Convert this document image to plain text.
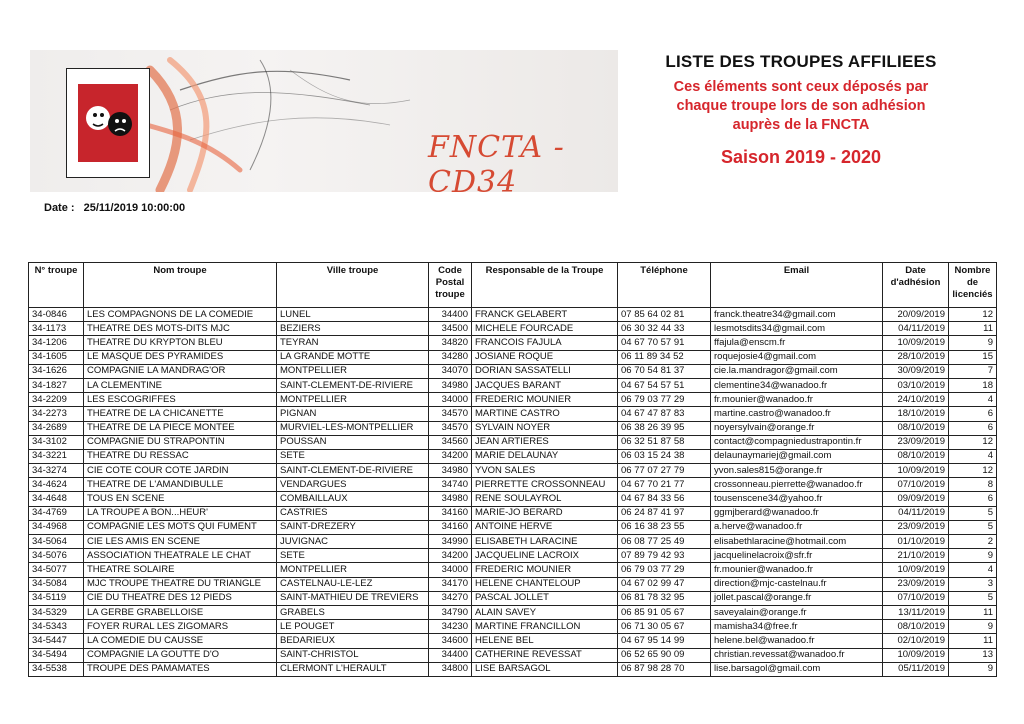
FNCTA - CD34
LISTE DES TROUPES AFFILIEES
Ces éléments sont ceux déposés par
chaque troupe lors de son adhésion
auprès de la FNCTA
Saison 2019 - 2020
Date : 25/11/2019 10:00:00
N° troupe	Nom troupe	Ville troupe	Code Postal troupe	Responsable de la Troupe	Téléphone	Email	Date d'adhésion	Nombre de licenciés
34-0846	LES COMPAGNONS DE LA COMEDIE	LUNEL	34400	FRANCK GELABERT	07 85 64 02 81	franck.theatre34@gmail.com	20/09/2019	12
34-1173	THEATRE DES MOTS-DITS MJC	BEZIERS	34500	MICHELE FOURCADE	06 30 32 44 33	lesmotsdits34@gmail.com	04/11/2019	11
34-1206	THEATRE DU KRYPTON BLEU	TEYRAN	34820	FRANCOIS FAJULA	04 67 70 57 91	ffajula@enscm.fr	10/09/2019	9
34-1605	LE MASQUE DES PYRAMIDES	LA GRANDE MOTTE	34280	JOSIANE ROQUE	06 11 89 34 52	roquejosie4@gmail.com	28/10/2019	15
34-1626	COMPAGNIE LA MANDRAG'OR	MONTPELLIER	34070	DORIAN SASSATELLI	06 70 54 81 37	cie.la.mandragor@gmail.com	30/09/2019	7
34-1827	LA CLEMENTINE	SAINT-CLEMENT-DE-RIVIERE	34980	JACQUES BARANT	04 67 54 57 51	clementine34@wanadoo.fr	03/10/2019	18
34-2209	LES ESCOGRIFFES	MONTPELLIER	34000	FREDERIC MOUNIER	06 79 03 77 29	fr.mounier@wanadoo.fr	24/10/2019	4
34-2273	THEATRE DE LA CHICANETTE	PIGNAN	34570	MARTINE CASTRO	04 67 47 87 83	martine.castro@wanadoo.fr	18/10/2019	6
34-2689	THEATRE DE LA PIECE MONTEE	MURVIEL-LES-MONTPELLIER	34570	SYLVAIN NOYER	06 38 26 39 95	noyersylvain@orange.fr	08/10/2019	6
34-3102	COMPAGNIE DU STRAPONTIN	POUSSAN	34560	JEAN ARTIERES	06 32 51 87 58	contact@compagniedustrapontin.fr	23/09/2019	12
34-3221	THEATRE DU RESSAC	SETE	34200	MARIE DELAUNAY	06 03 15 24 38	delaunaymariej@gmail.com	08/10/2019	4
34-3274	CIE COTE COUR COTE JARDIN	SAINT-CLEMENT-DE-RIVIERE	34980	YVON SALES	06 77 07 27 79	yvon.sales815@orange.fr	10/09/2019	12
34-4624	THEATRE DE L'AMANDIBULLE	VENDARGUES	34740	PIERRETTE CROSSONNEAU	04 67 70 21 77	crossonneau.pierrette@wanadoo.fr	07/10/2019	8
34-4648	TOUS EN SCENE	COMBAILLAUX	34980	RENE SOULAYROL	04 67 84 33 56	tousenscene34@yahoo.fr	09/09/2019	6
34-4769	LA TROUPE A BON...HEUR'	CASTRIES	34160	MARIE-JO BERARD	06 24 87 41 97	ggmjberard@wanadoo.fr	04/11/2019	5
34-4968	COMPAGNIE LES MOTS QUI FUMENT	SAINT-DREZERY	34160	ANTOINE HERVE	06 16 38 23 55	a.herve@wanadoo.fr	23/09/2019	5
34-5064	CIE LES AMIS EN SCENE	JUVIGNAC	34990	ELISABETH LARACINE	06 08 77 25 49	elisabethlaracine@hotmail.com	01/10/2019	2
34-5076	ASSOCIATION THEATRALE LE CHAT	SETE	34200	JACQUELINE LACROIX	07 89 79 42 93	jacquelinelacroix@sfr.fr	21/10/2019	9
34-5077	THEATRE SOLAIRE	MONTPELLIER	34000	FREDERIC MOUNIER	06 79 03 77 29	fr.mounier@wanadoo.fr	10/09/2019	4
34-5084	MJC TROUPE THEATRE DU TRIANGLE	CASTELNAU-LE-LEZ	34170	HELENE CHANTELOUP	04 67 02 99 47	direction@mjc-castelnau.fr	23/09/2019	3
34-5119	CIE DU THEATRE DES 12 PIEDS	SAINT-MATHIEU DE TREVIERS	34270	PASCAL JOLLET	06 81 78 32 95	jollet.pascal@orange.fr	07/10/2019	5
34-5329	LA GERBE GRABELLOISE	GRABELS	34790	ALAIN SAVEY	06 85 91 05 67	saveyalain@orange.fr	13/11/2019	11
34-5343	FOYER RURAL LES ZIGOMARS	LE POUGET	34230	MARTINE FRANCILLON	06 71 30 05 67	mamisha34@free.fr	08/10/2019	9
34-5447	LA COMEDIE DU CAUSSE	BEDARIEUX	34600	HELENE BEL	04 67 95 14 99	helene.bel@wanadoo.fr	02/10/2019	11
34-5494	COMPAGNIE LA GOUTTE D'O	SAINT-CHRISTOL	34400	CATHERINE REVESSAT	06 52 65 90 09	christian.revessat@wanadoo.fr	10/09/2019	13
34-5538	TROUPE DES PAMAMATES	CLERMONT L'HERAULT	34800	LISE BARSAGOL	06 87 98 28 70	lise.barsagol@gmail.com	05/11/2019	9
